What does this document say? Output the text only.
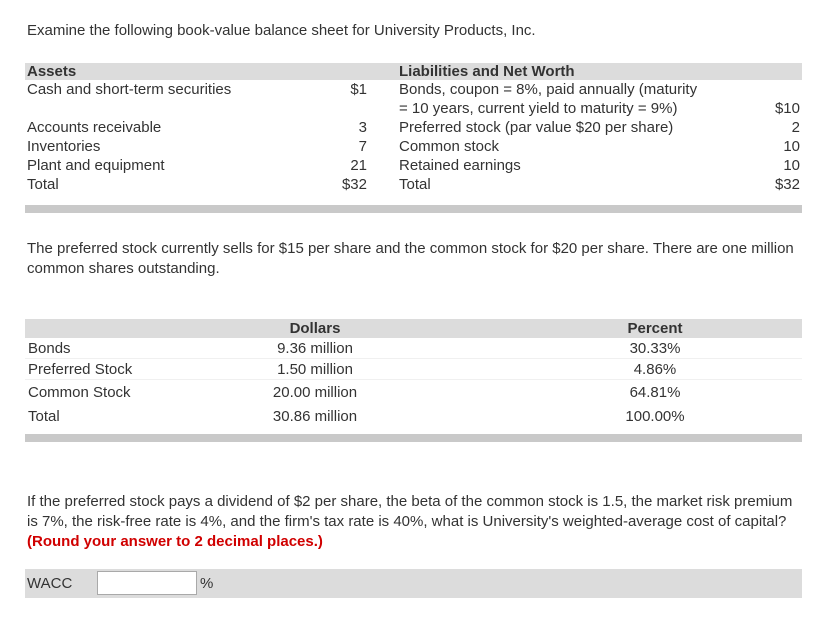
Examine the following book-value balance sheet for University Products, Inc.
Assets			Liabilities and Net Worth	
Cash and short-term securities	$1		Bonds, coupon = 8%, paid annually (maturity	
			= 10 years, current yield to maturity = 9%)	$10
Accounts receivable	3		Preferred stock (par value $20 per share)	2
Inventories	7		Common stock	10
Plant and equipment	21		Retained earnings	10
Total	$32		Total	$32
The preferred stock currently sells for $15 per share and the common stock for $20 per share. There are one million common shares outstanding.
	Dollars		Percent	
Bonds	9.36 million		30.33%	
Preferred Stock	1.50 million		4.86%	
Common Stock	20.00 million		64.81%	
Total	30.86 million		100.00%	
If the preferred stock pays a dividend of $2 per share, the beta of the common stock is 1.5, the market risk premium is 7%, the risk-free rate is 4%, and the firm's tax rate is 40%, what is University's weighted-average cost of capital? (Round your answer to 2 decimal places.)
WACC	%
